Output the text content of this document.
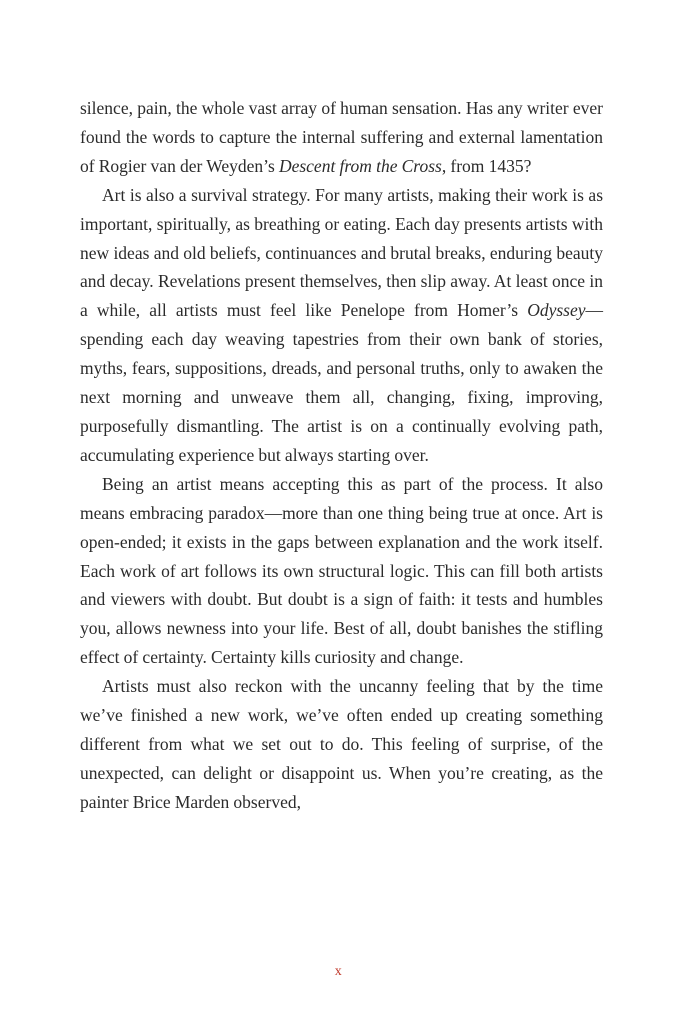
silence, pain, the whole vast array of human sensation. Has any writer ever found the words to capture the internal suffering and external lamentation of Rogier van der Weyden’s Descent from the Cross, from 1435?

Art is also a survival strategy. For many artists, making their work is as important, spiritually, as breathing or eating. Each day presents artists with new ideas and old beliefs, continuances and brutal breaks, enduring beauty and decay. Revelations present themselves, then slip away. At least once in a while, all artists must feel like Penelope from Homer’s Odyssey—spending each day weaving tapestries from their own bank of stories, myths, fears, suppositions, dreads, and personal truths, only to awaken the next morning and unweave them all, changing, fixing, improving, purposefully dismantling. The artist is on a continually evolving path, accumulating experience but always starting over.

Being an artist means accepting this as part of the process. It also means embracing paradox—more than one thing being true at once. Art is open-ended; it exists in the gaps between explanation and the work itself. Each work of art follows its own structural logic. This can fill both artists and viewers with doubt. But doubt is a sign of faith: it tests and humbles you, allows newness into your life. Best of all, doubt banishes the stifling effect of certainty. Certainty kills curiosity and change.

Artists must also reckon with the uncanny feeling that by the time we’ve finished a new work, we’ve often ended up creating something different from what we set out to do. This feeling of surprise, of the unexpected, can delight or disappoint us. When you’re creating, as the painter Brice Marden observed,

x
